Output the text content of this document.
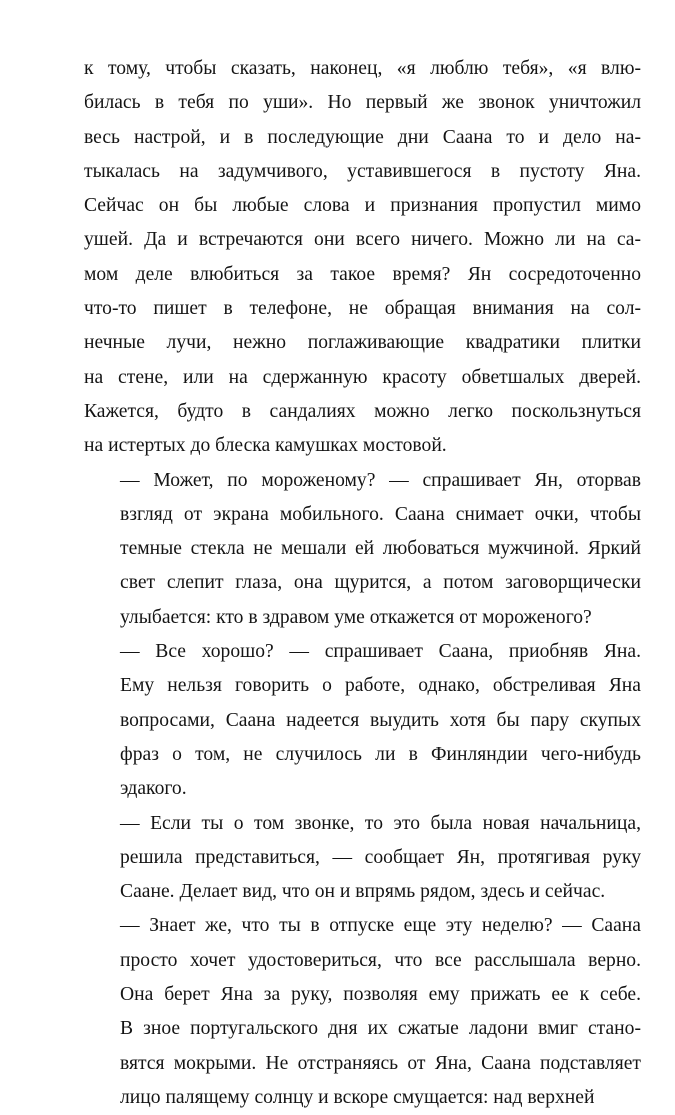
к тому, чтобы сказать, наконец, «я люблю тебя», «я влю-
билась в тебя по уши». Но первый же звонок уничтожил
весь настрой, и в последующие дни Саана то и дело на-
тыкалась на задумчивого, уставившегося в пустоту Яна.
Сейчас он бы любые слова и признания пропустил мимо
ушей. Да и встречаются они всего ничего. Можно ли на са-
мом деле влюбиться за такое время? Ян сосредоточенно
что-то пишет в телефоне, не обращая внимания на сол-
нечные лучи, нежно поглаживающие квадратики плитки
на стене, или на сдержанную красоту обветшалых дверей.
Кажется, будто в сандалиях можно легко поскользнуться
на истертых до блеска камушках мостовой.

— Может, по мороженому? — спрашивает Ян, оторвав
взгляд от экрана мобильного. Саана снимает очки, чтобы
темные стекла не мешали ей любоваться мужчиной. Яркий
свет слепит глаза, она щурится, а потом заговорщически
улыбается: кто в здравом уме откажется от мороженого?

— Все хорошо? — спрашивает Саана, приобняв Яна.
Ему нельзя говорить о работе, однако, обстреливая Яна
вопросами, Саана надеется выудить хотя бы пару скупых
фраз о том, не случилось ли в Финляндии чего-нибудь
эдакого.

— Если ты о том звонке, то это была новая начальница,
решила представиться, — сообщает Ян, протягивая руку
Саане. Делает вид, что он и впрямь рядом, здесь и сейчас.

— Знает же, что ты в отпуске еще эту неделю? — Саана
просто хочет удостовериться, что все расслышала верно.
Она берет Яна за руку, позволяя ему прижать ее к себе.
В зное португальского дня их сжатые ладони вмиг стано-
вятся мокрыми. Не отстраняясь от Яна, Саана подставляет
лицо палящему солнцу и вскоре смущается: над верхней
